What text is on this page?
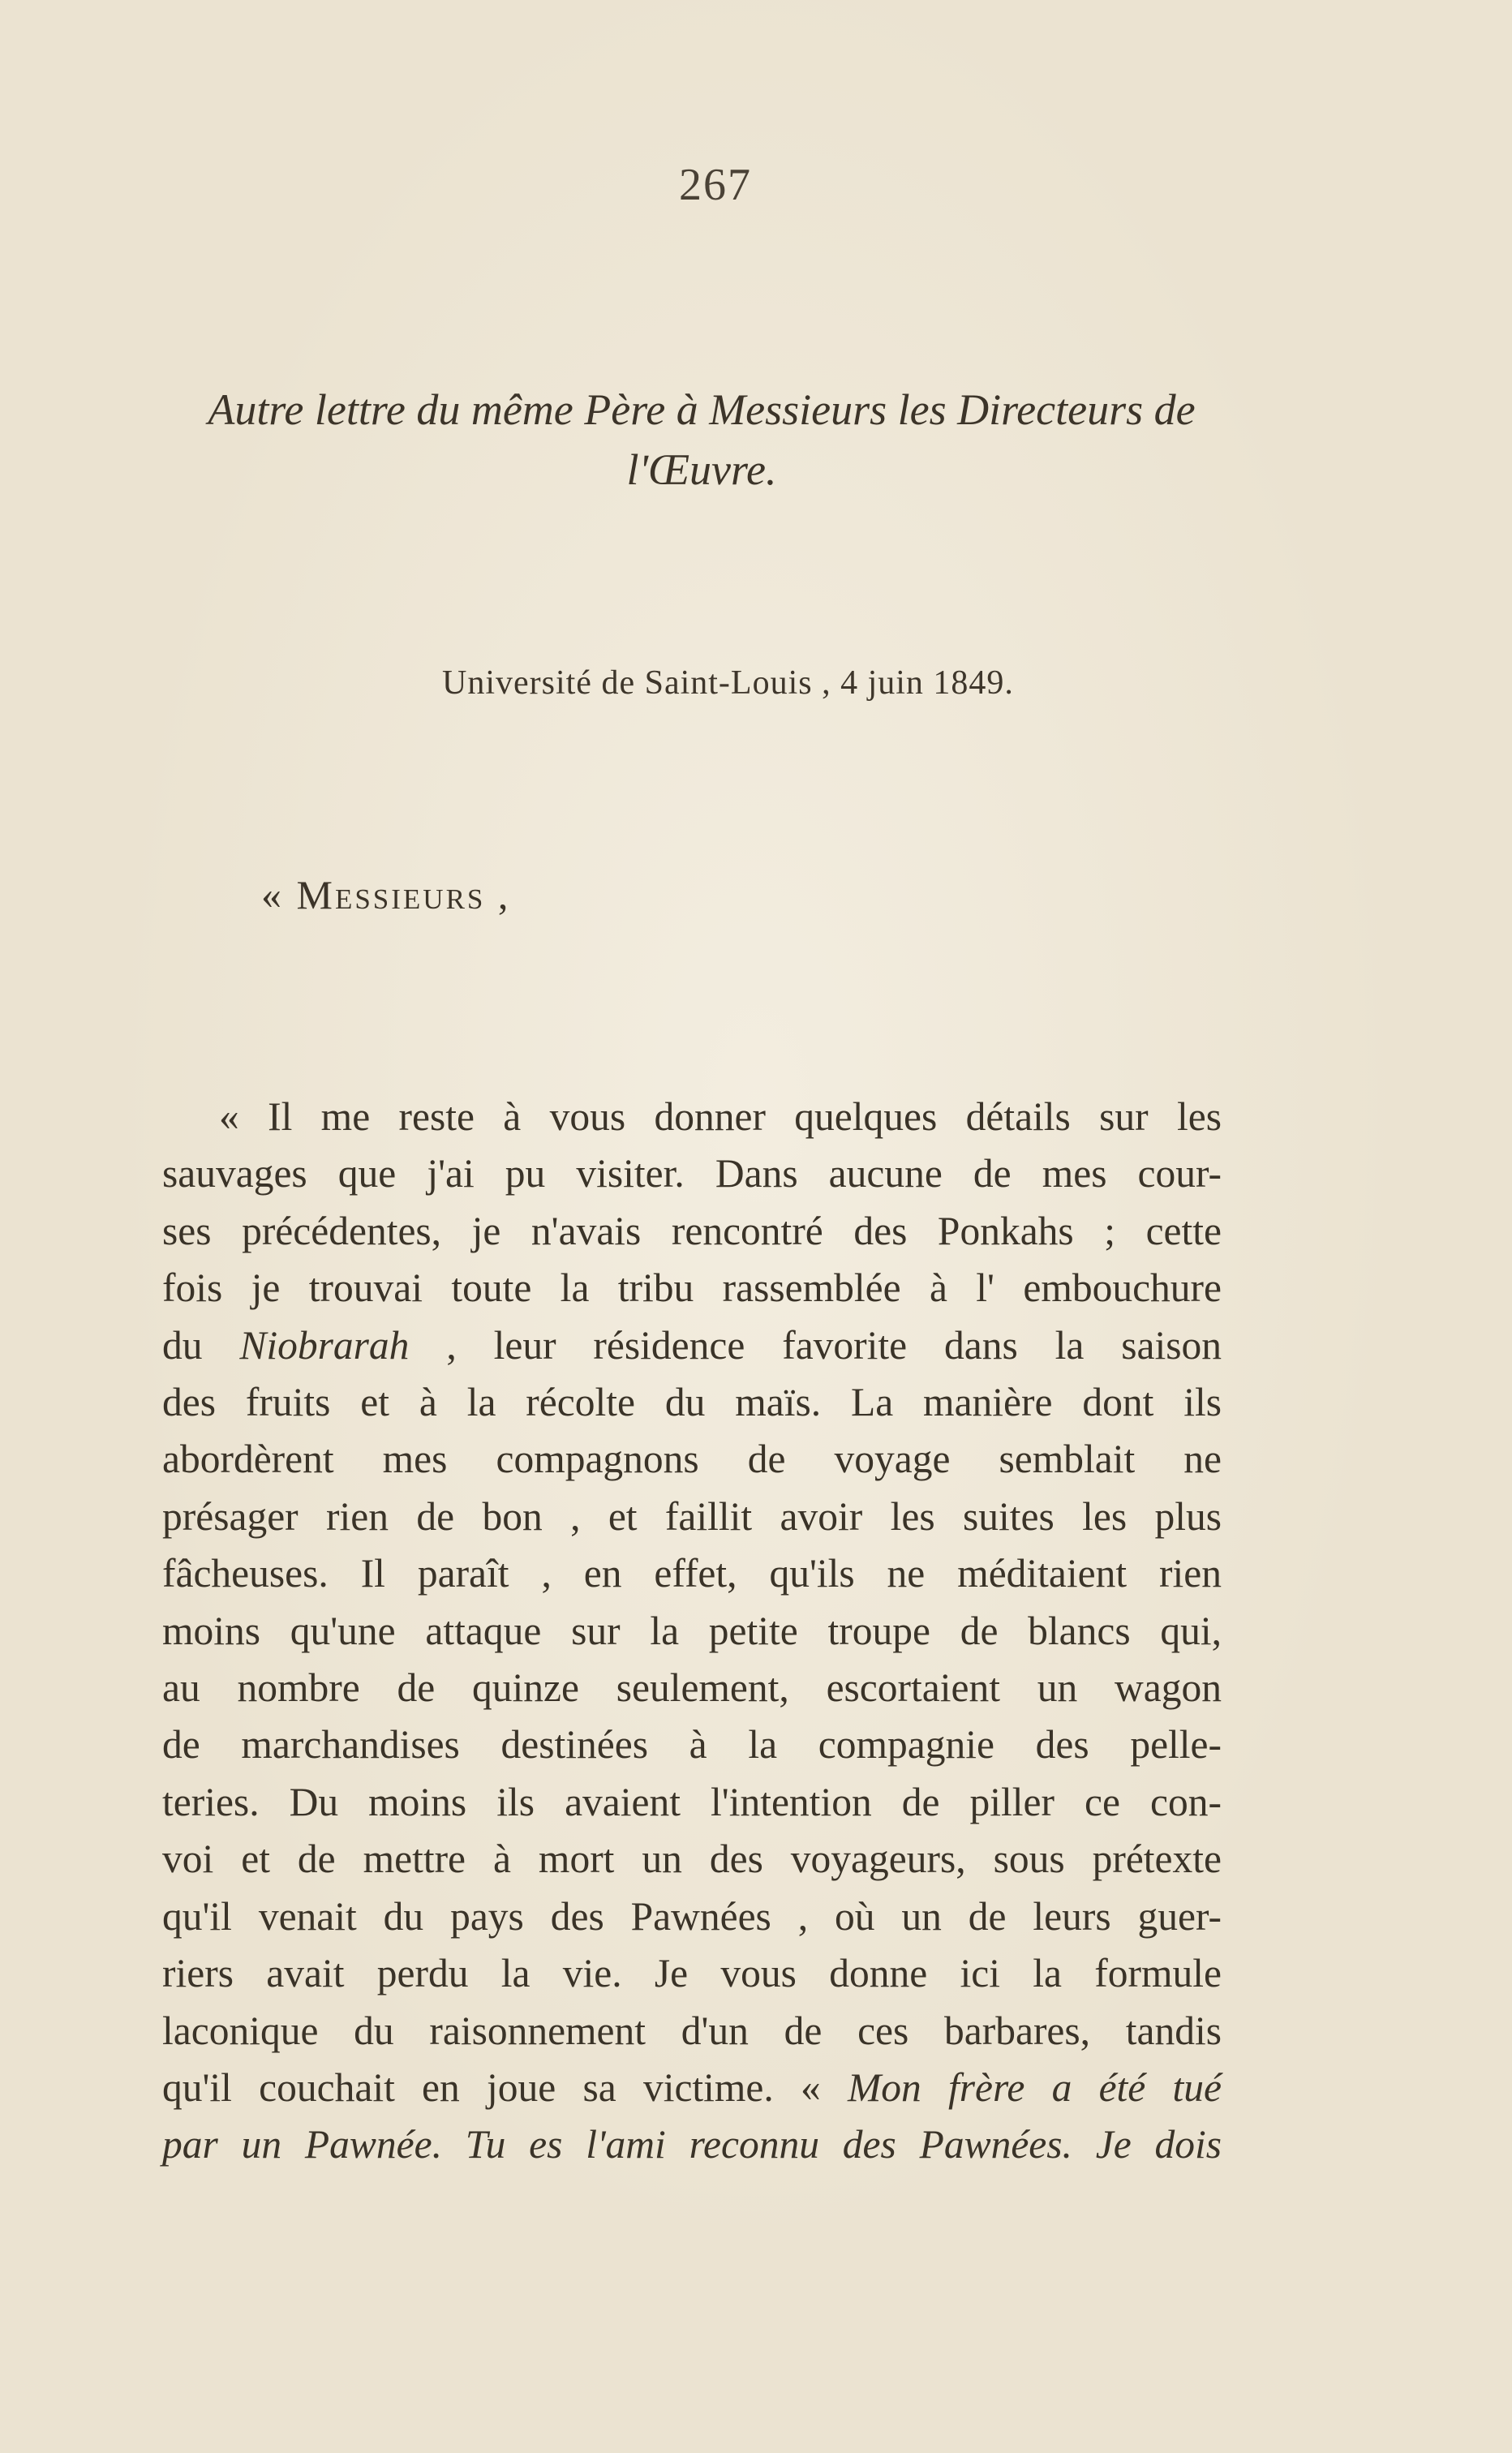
267
Autre lettre du même Père à Messieurs les Directeurs de
l'Œuvre.
Université de Saint-Louis , 4 juin 1849.
« Messieurs ,
« Il me reste à vous donner quelques détails sur les
sauvages que j'ai pu visiter. Dans aucune de mes cour-
ses précédentes, je n'avais rencontré des Ponkahs ; cette
fois je trouvai toute la tribu rassemblée à l' embouchure
du Niobrarah , leur résidence favorite dans la saison
des fruits et à la récolte du maïs. La manière dont ils
abordèrent mes compagnons de voyage semblait ne
présager rien de bon , et faillit avoir les suites les plus
fâcheuses. Il paraît , en effet, qu'ils ne méditaient rien
moins qu'une attaque sur la petite troupe de blancs qui,
au nombre de quinze seulement, escortaient un wagon
de marchandises destinées à la compagnie des pelle-
teries. Du moins ils avaient l'intention de piller ce con-
voi et de mettre à mort un des voyageurs, sous prétexte
qu'il venait du pays des Pawnées , où un de leurs guer-
riers avait perdu la vie. Je vous donne ici la formule
laconique du raisonnement d'un de ces barbares, tandis
qu'il couchait en joue sa victime. « Mon frère a été tué
par un Pawnée. Tu es l'ami reconnu des Pawnées. Je dois
